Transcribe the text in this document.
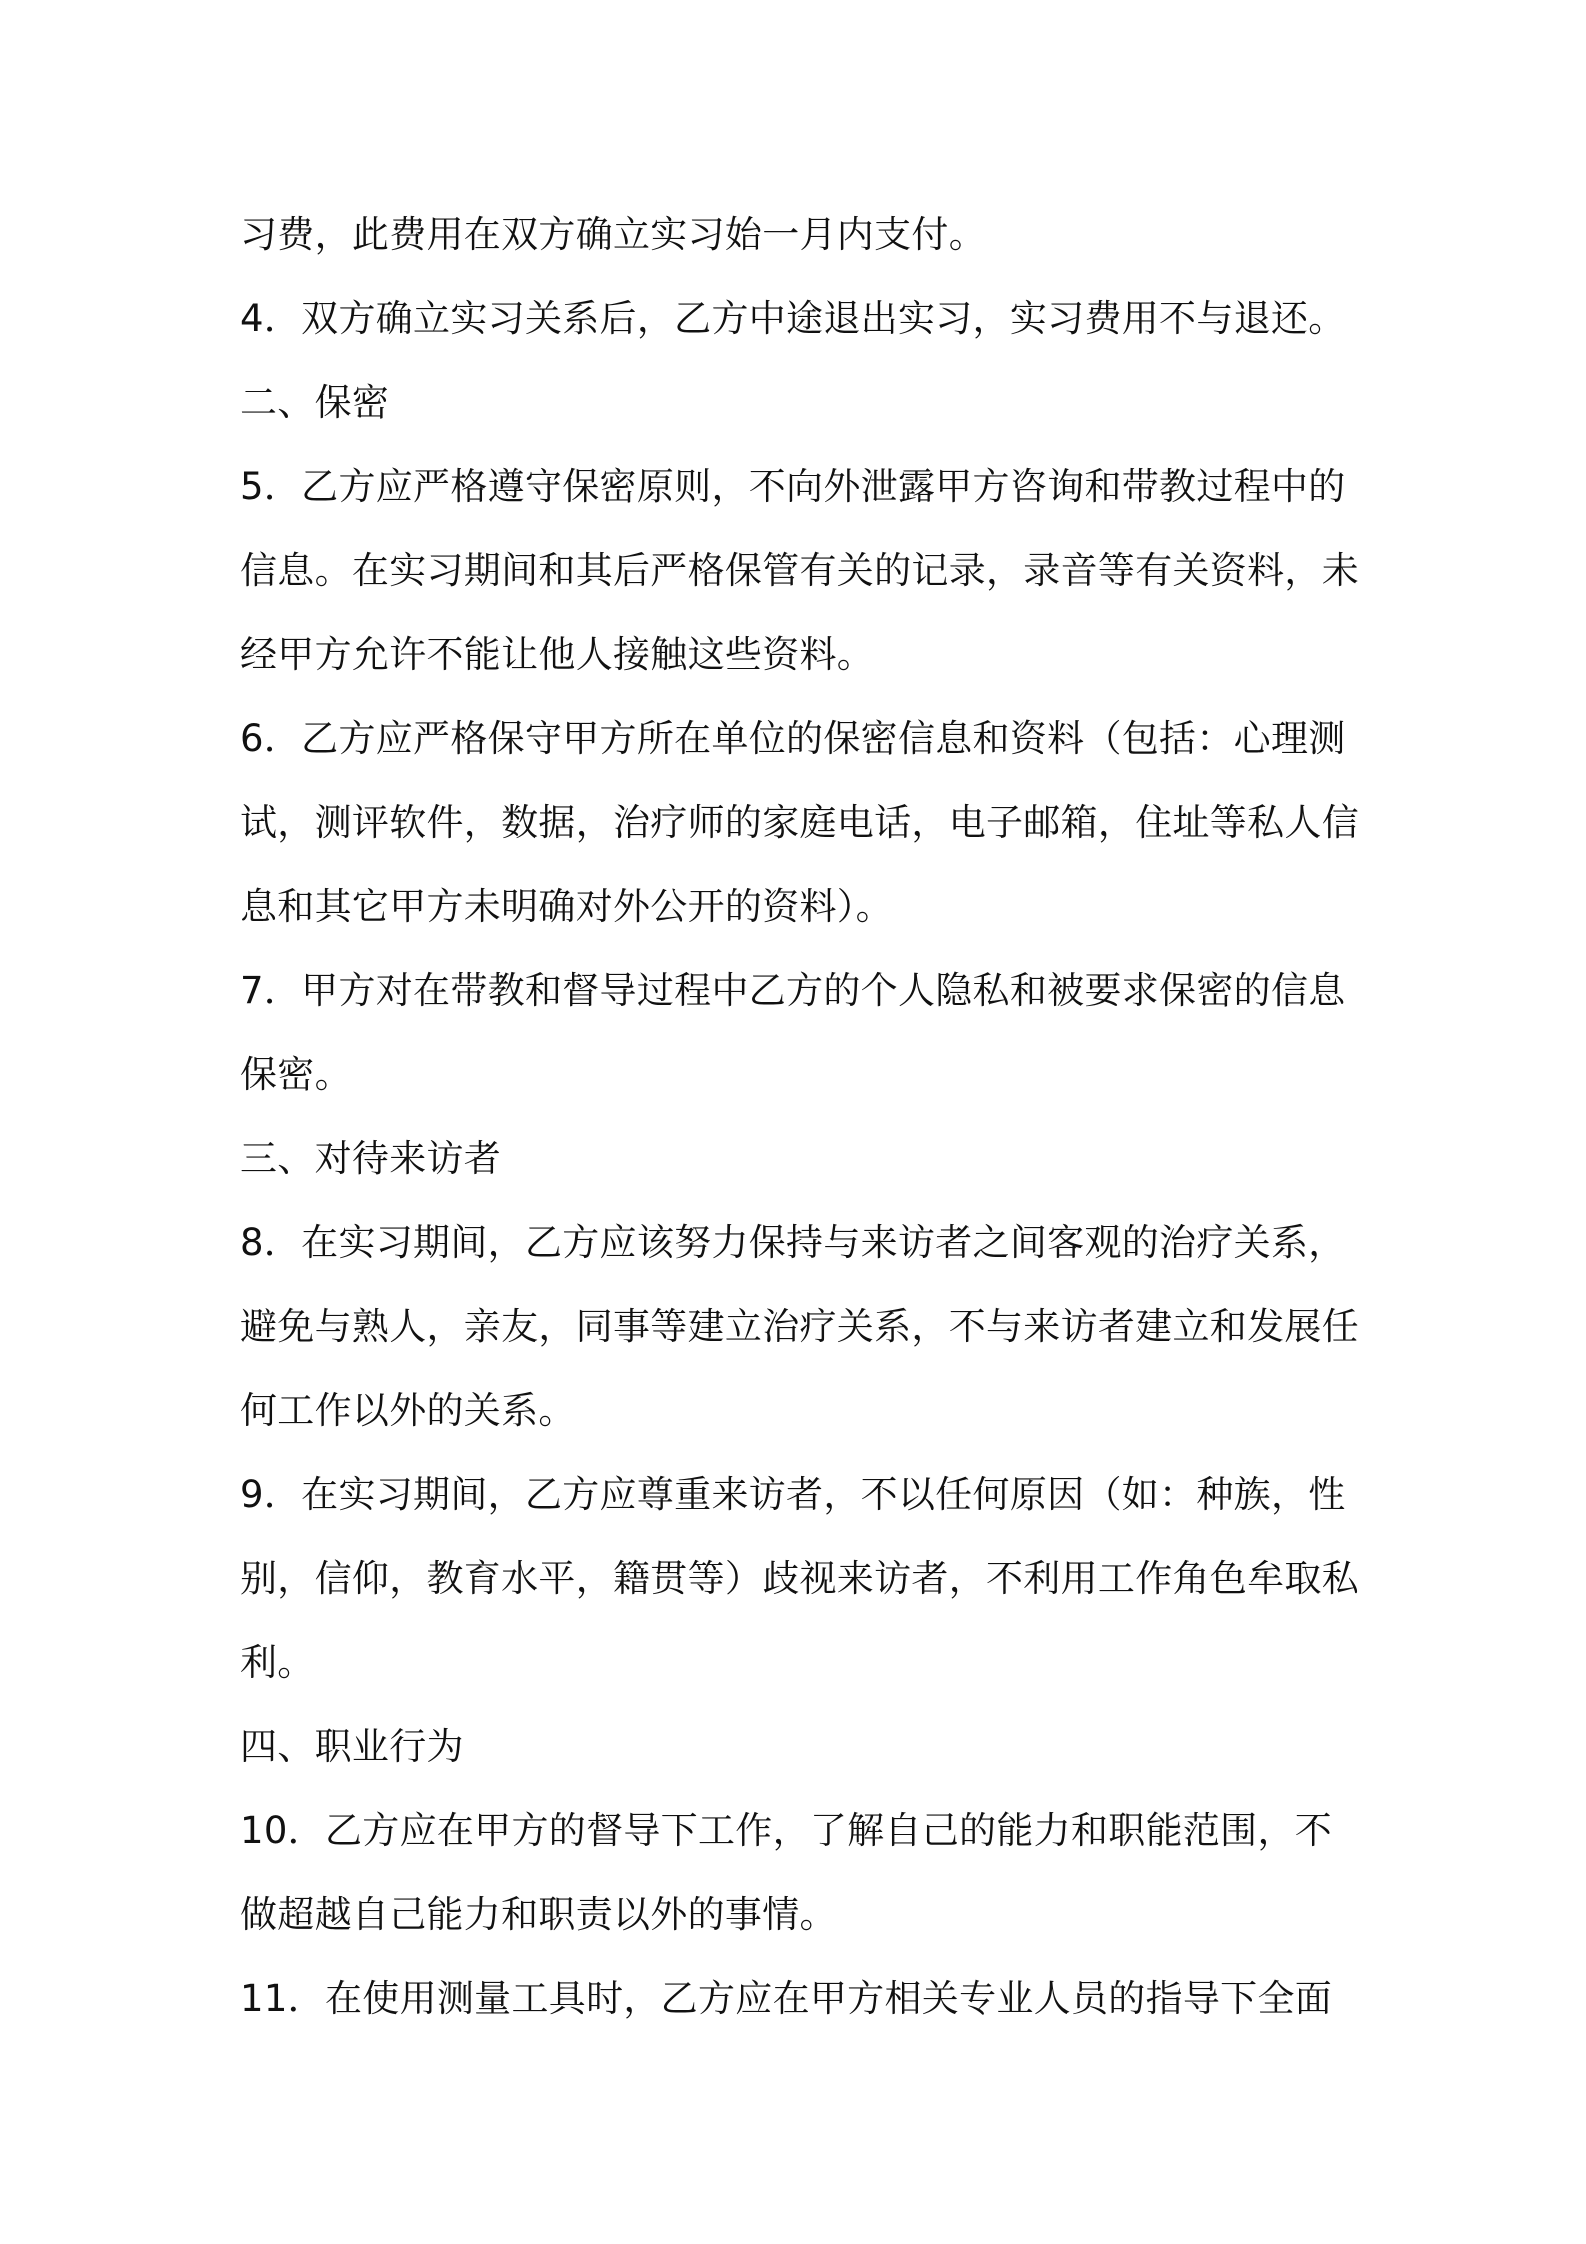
习费，此费用在双方确立实习始一月内支付。
4．双方确立实习关系后，乙方中途退出实习，实习费用不与退还。
二、保密
5．乙方应严格遵守保密原则，不向外泄露甲方咨询和带教过程中的
信息。在实习期间和其后严格保管有关的记录，录音等有关资料，未
经甲方允许不能让他人接触这些资料。
6．乙方应严格保守甲方所在单位的保密信息和资料（包括：心理测
试，测评软件，数据，治疗师的家庭电话，电子邮箱，住址等私人信
息和其它甲方未明确对外公开的资料）。
7．甲方对在带教和督导过程中乙方的个人隐私和被要求保密的信息
保密。
三、对待来访者
8．在实习期间，乙方应该努力保持与来访者之间客观的治疗关系，
避免与熟人，亲友，同事等建立治疗关系，不与来访者建立和发展任
何工作以外的关系。
9．在实习期间，乙方应尊重来访者，不以任何原因（如：种族，性
别，信仰，教育水平，籍贯等）歧视来访者，不利用工作角色牟取私
利。
四、职业行为
10．乙方应在甲方的督导下工作，了解自己的能力和职能范围，不
做超越自己能力和职责以外的事情。
11．在使用测量工具时，乙方应在甲方相关专业人员的指导下全面
